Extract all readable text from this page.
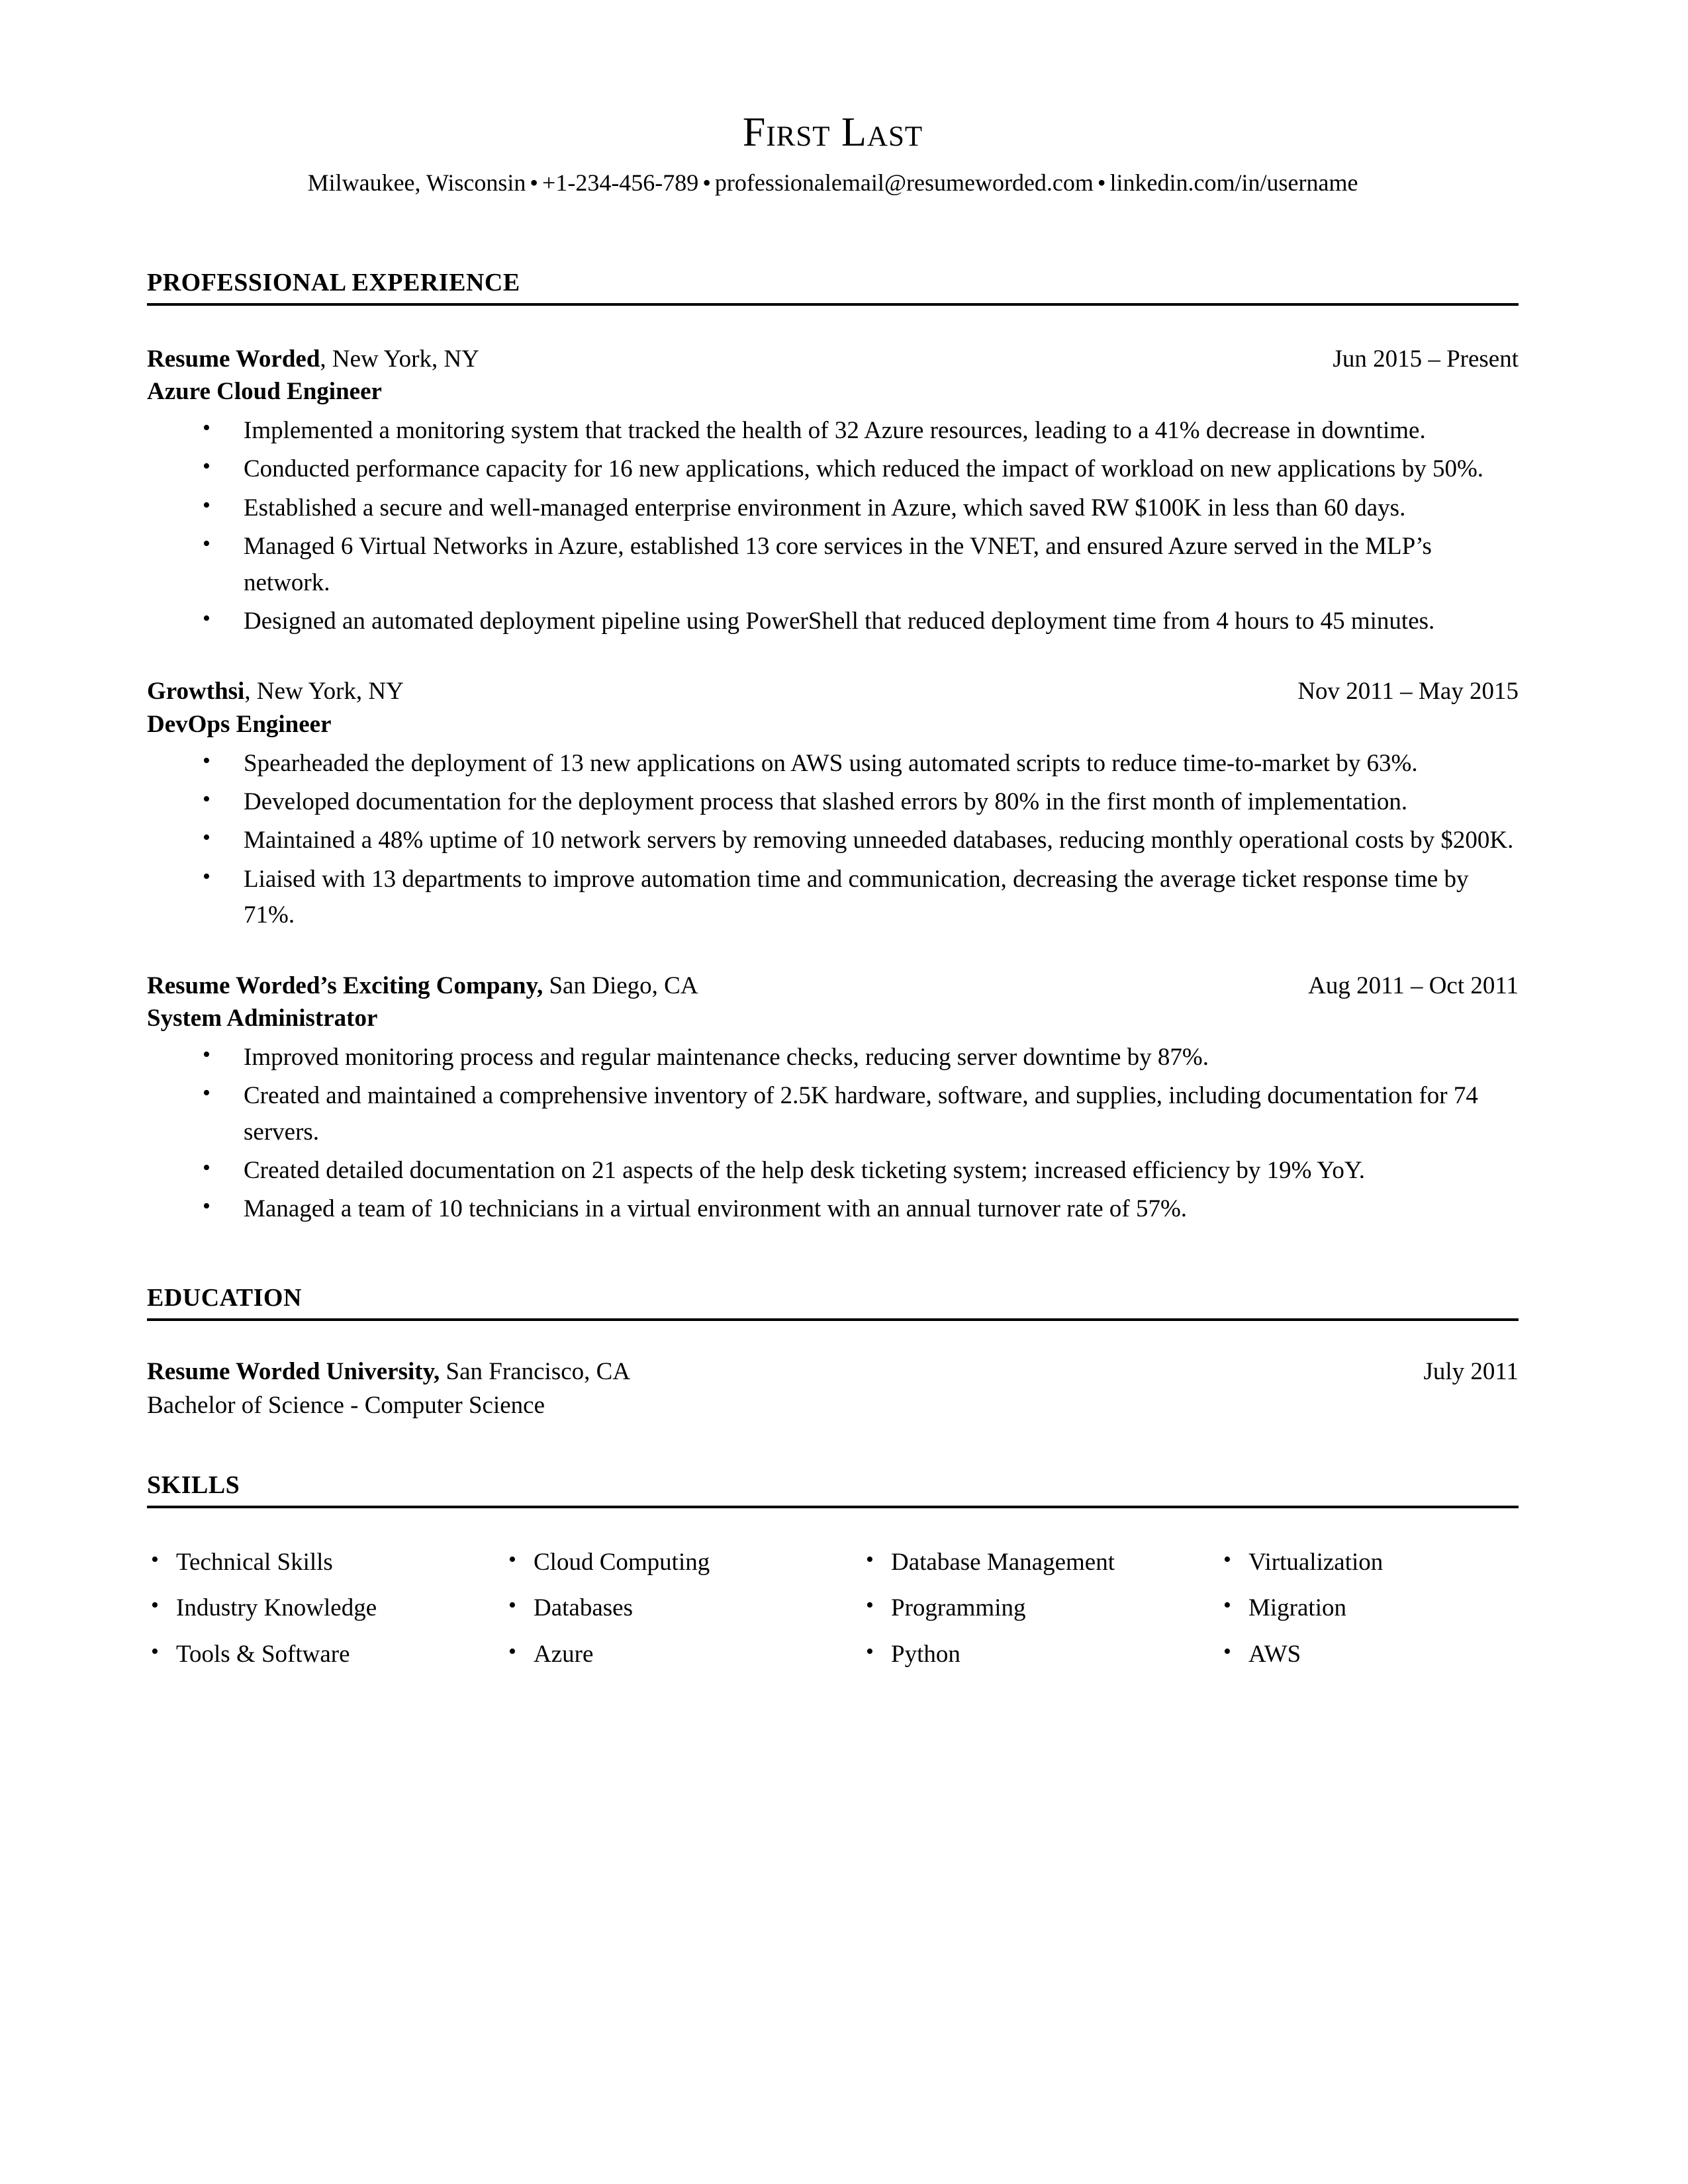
First Last
Milwaukee, Wisconsin • +1-234-456-789 • professionalemail@resumeworded.com • linkedin.com/in/username
PROFESSIONAL EXPERIENCE
Resume Worded, New York, NY	Jun 2015 – Present
Azure Cloud Engineer
• Implemented a monitoring system that tracked the health of 32 Azure resources, leading to a 41% decrease in downtime.
• Conducted performance capacity for 16 new applications, which reduced the impact of workload on new applications by 50%.
• Established a secure and well-managed enterprise environment in Azure, which saved RW $100K in less than 60 days.
• Managed 6 Virtual Networks in Azure, established 13 core services in the VNET, and ensured Azure served in the MLP’s network.
• Designed an automated deployment pipeline using PowerShell that reduced deployment time from 4 hours to 45 minutes.
Growthsi, New York, NY	Nov 2011 – May 2015
DevOps Engineer
• Spearheaded the deployment of 13 new applications on AWS using automated scripts to reduce time-to-market by 63%.
• Developed documentation for the deployment process that slashed errors by 80% in the first month of implementation.
• Maintained a 48% uptime of 10 network servers by removing unneeded databases, reducing monthly operational costs by $200K.
• Liaised with 13 departments to improve automation time and communication, decreasing the average ticket response time by 71%.
Resume Worded’s Exciting Company, San Diego, CA	Aug 2011 – Oct 2011
System Administrator
• Improved monitoring process and regular maintenance checks, reducing server downtime by 87%.
• Created and maintained a comprehensive inventory of 2.5K hardware, software, and supplies, including documentation for 74 servers.
• Created detailed documentation on 21 aspects of the help desk ticketing system; increased efficiency by 19% YoY.
• Managed a team of 10 technicians in a virtual environment with an annual turnover rate of 57%.
EDUCATION
Resume Worded University, San Francisco, CA	July 2011
Bachelor of Science - Computer Science
SKILLS
• Technical Skills	• Cloud Computing	• Database Management	• Virtualization
• Industry Knowledge	• Databases	• Programming	• Migration
• Tools & Software	• Azure	• Python	• AWS
